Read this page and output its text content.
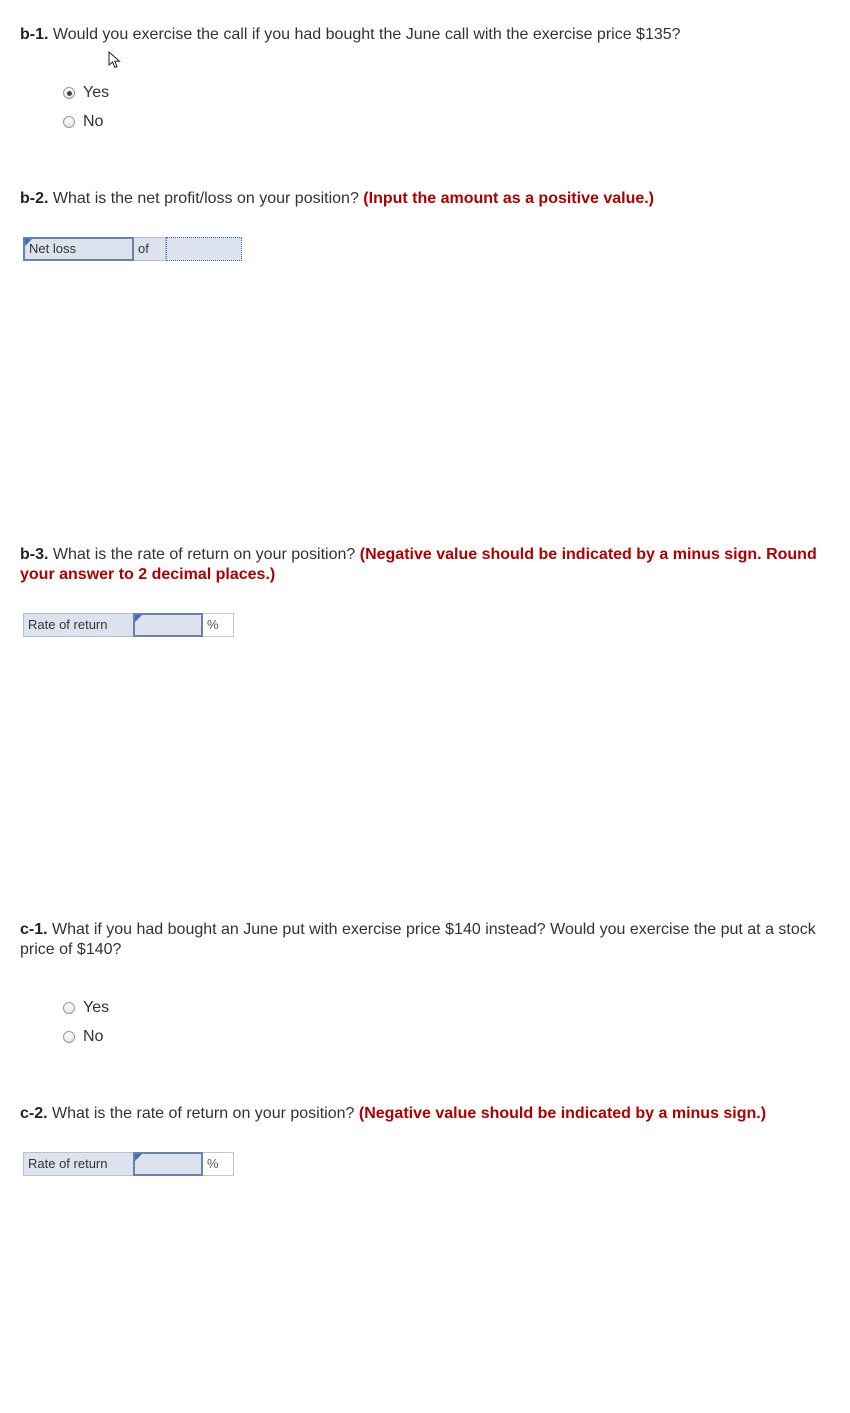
b-1. Would you exercise the call if you had bought the June call with the exercise price $135?
Yes
No
b-2. What is the net profit/loss on your position? (Input the amount as a positive value.)
Net loss	of
b-3. What is the rate of return on your position? (Negative value should be indicated by a minus sign. Round your answer to 2 decimal places.)
Rate of return	%
c-1. What if you had bought an June put with exercise price $140 instead? Would you exercise the put at a stock price of $140?
Yes
No
c-2. What is the rate of return on your position? (Negative value should be indicated by a minus sign.)
Rate of return	%
